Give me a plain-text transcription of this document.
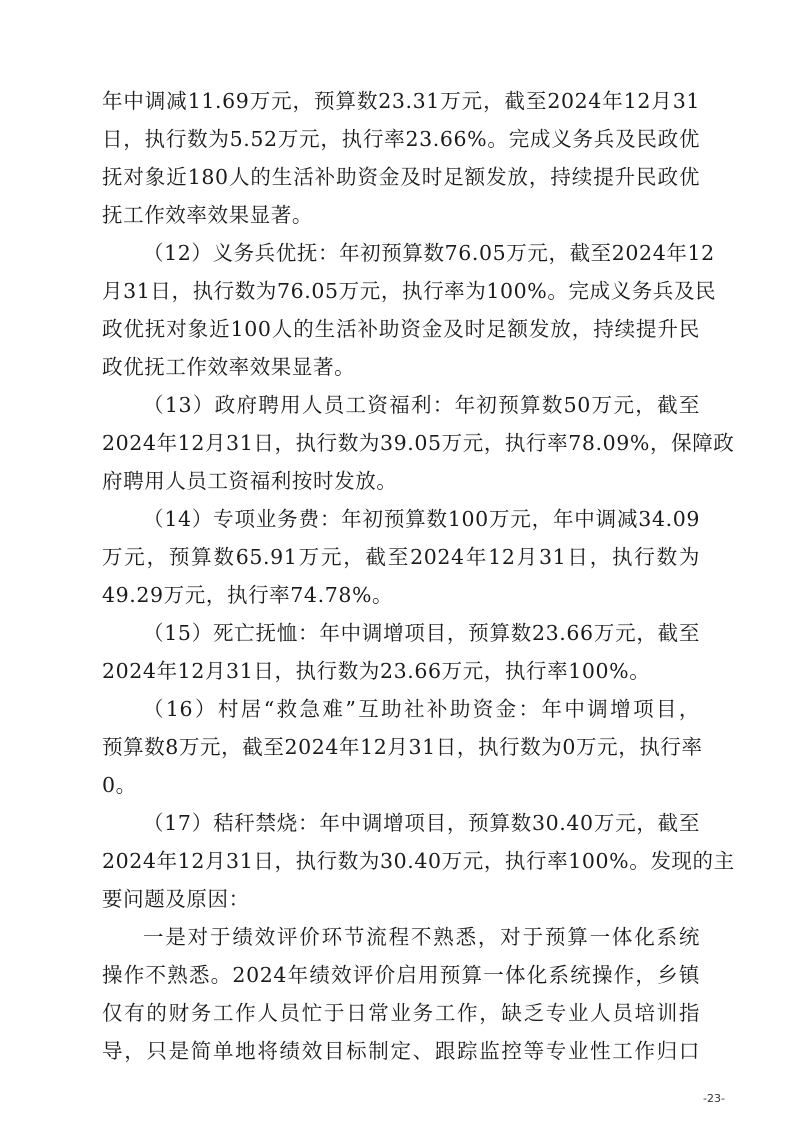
年中调减11.69万元，预算数23.31万元，截至2024年12月31
日，执行数为5.52万元，执行率23.66%。完成义务兵及民政优
抚对象近180人的生活补助资金及时足额发放，持续提升民政优
抚工作效率效果显著。
（12）义务兵优抚：年初预算数76.05万元，截至2024年12
月31日，执行数为76.05万元，执行率为100%。完成义务兵及民
政优抚对象近100人的生活补助资金及时足额发放，持续提升民
政优抚工作效率效果显著。
（13）政府聘用人员工资福利：年初预算数50万元，截至
2024年12月31日，执行数为39.05万元，执行率78.09%，保障政
府聘用人员工资福利按时发放。
（14）专项业务费：年初预算数100万元，年中调减34.09
万元，预算数65.91万元，截至2024年12月31日，执行数为
49.29万元，执行率74.78%。
（15）死亡抚恤：年中调增项目，预算数23.66万元，截至
2024年12月31日，执行数为23.66万元，执行率100%。
（16）村居“救急难”互助社补助资金：年中调增项目，
预算数8万元，截至2024年12月31日，执行数为0万元，执行率
0。
（17）秸秆禁烧：年中调增项目，预算数30.40万元，截至
2024年12月31日，执行数为30.40万元，执行率100%。发现的主
要问题及原因：
一是对于绩效评价环节流程不熟悉，对于预算一体化系统
操作不熟悉。2024年绩效评价启用预算一体化系统操作，乡镇
仅有的财务工作人员忙于日常业务工作，缺乏专业人员培训指
导，只是简单地将绩效目标制定、跟踪监控等专业性工作归口
-23-
